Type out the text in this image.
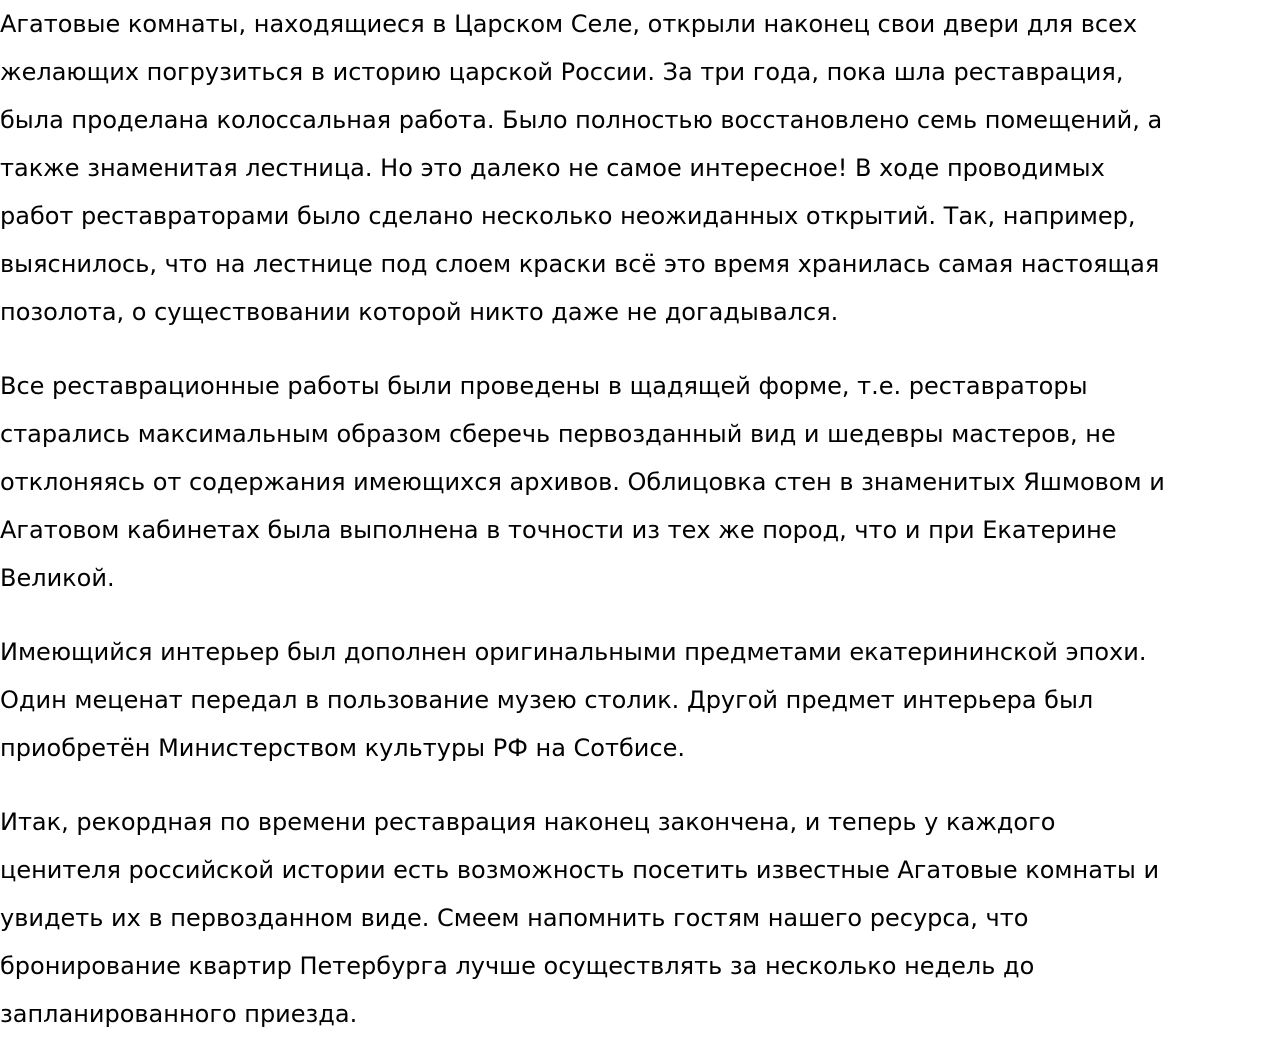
Агатовые комнаты, находящиеся в Царском Селе, открыли наконец свои двери для всех
желающих погрузиться в историю царской России. За три года, пока шла реставрация,
была проделана колоссальная работа. Было полностью восстановлено семь помещений, а
также знаменитая лестница. Но это далеко не самое интересное! В ходе проводимых
работ реставраторами было сделано несколько неожиданных открытий. Так, например,
выяснилось, что на лестнице под слоем краски всё это время хранилась самая настоящая
позолота, о существовании которой никто даже не догадывался.

Все реставрационные работы были проведены в щадящей форме, т.е. реставраторы
старались максимальным образом сберечь первозданный вид и шедевры мастеров, не
отклоняясь от содержания имеющихся архивов. Облицовка стен в знаменитых Яшмовом и
Агатовом кабинетах была выполнена в точности из тех же пород, что и при Екатерине
Великой.

Имеющийся интерьер был дополнен оригинальными предметами екатерининской эпохи.
Один меценат передал в пользование музею столик. Другой предмет интерьера был
приобретён Министерством культуры РФ на Сотбисе.

Итак, рекордная по времени реставрация наконец закончена, и теперь у каждого
ценителя российской истории есть возможность посетить известные Агатовые комнаты и
увидеть их в первозданном виде. Смеем напомнить гостям нашего ресурса, что
бронирование квартир Петербурга лучше осуществлять за несколько недель до
запланированного приезда.
